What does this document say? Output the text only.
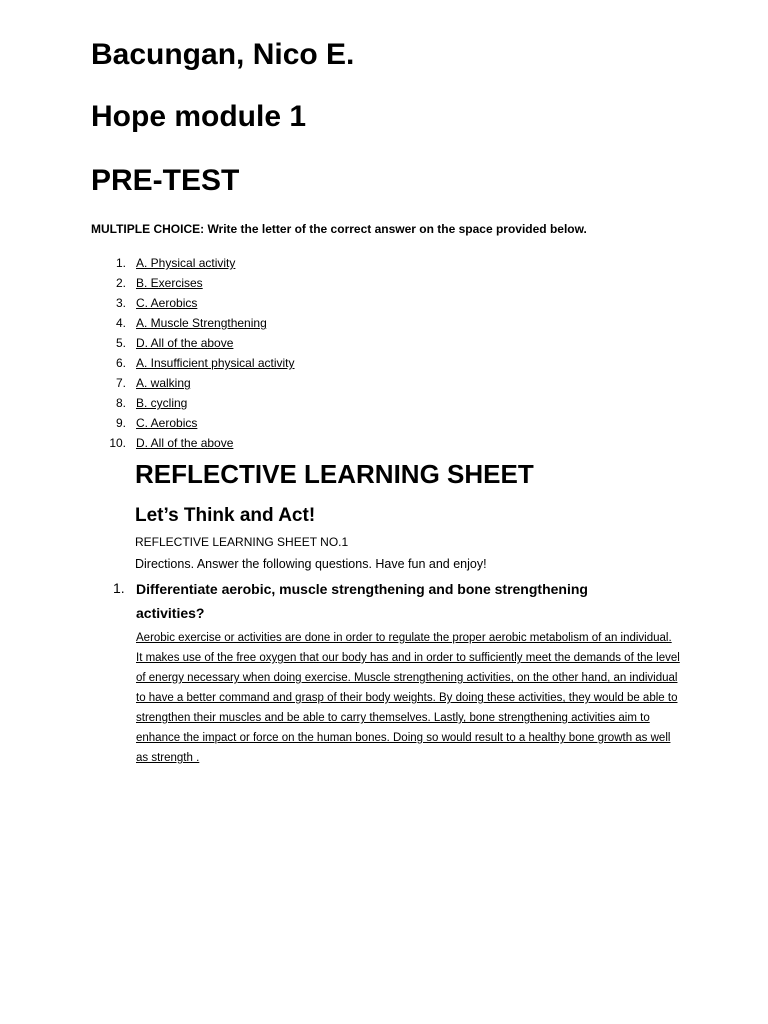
Bacungan, Nico E.
Hope module 1
PRE-TEST
MULTIPLE CHOICE: Write the letter of the correct answer on the space provided below.
1. A. Physical activity
2. B. Exercises
3. C. Aerobics
4. A. Muscle Strengthening
5. D. All of the above
6. A. Insufficient physical activity
7. A. walking
8. B. cycling
9. C. Aerobics
10. D. All of the above
REFLECTIVE LEARNING SHEET
Let’s Think and Act!
REFLECTIVE LEARNING SHEET NO.1
Directions. Answer the following questions. Have fun and enjoy!
1. Differentiate aerobic, muscle strengthening and bone strengthening activities?
Aerobic exercise or activities are done in order to regulate the proper aerobic metabolism of an individual. It makes use of the free oxygen that our body has and in order to sufficiently meet the demands of the level of energy necessary when doing exercise. Muscle strengthening activities, on the other hand, an individual to have a better command and grasp of their body weights. By doing these activities, they would be able to strengthen their muscles and be able to carry themselves. Lastly, bone strengthening activities aim to enhance the impact or force on the human bones. Doing so would result to a healthy bone growth as well as strength .
